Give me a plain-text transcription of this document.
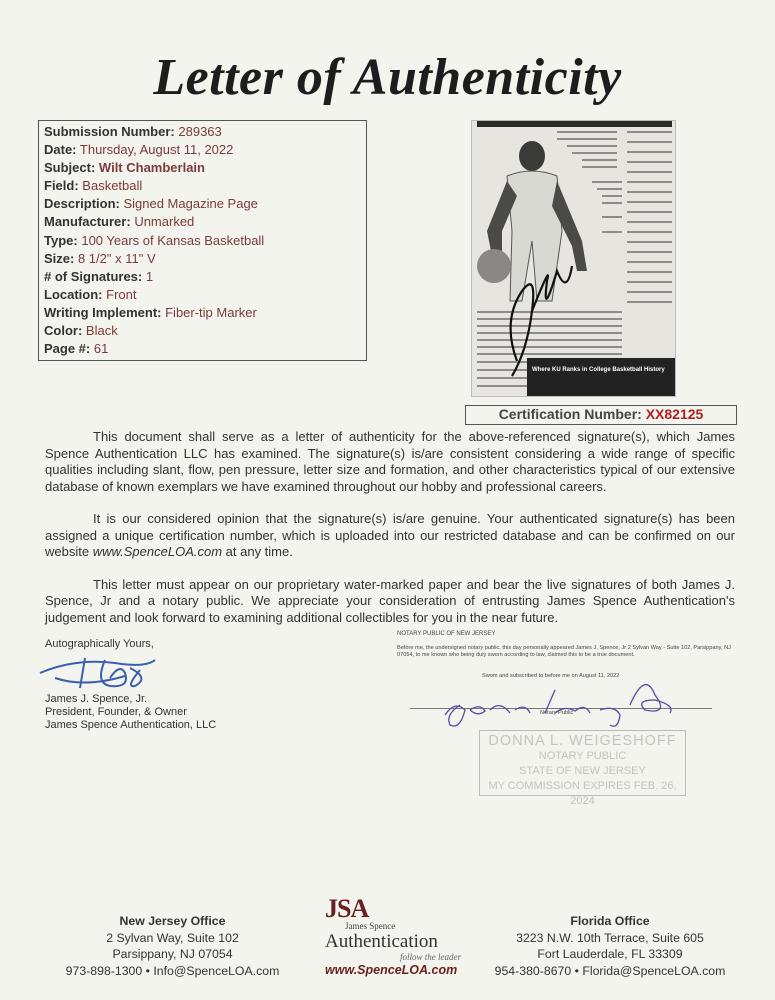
Letter of Authenticity
Submission Number: 289363
Date: Thursday, August 11, 2022
Subject: Wilt Chamberlain
Field: Basketball
Description: Signed Magazine Page
Manufacturer: Unmarked
Type: 100 Years of Kansas Basketball
Size: 8 1/2" x 11" V
# of Signatures: 1
Location: Front
Writing Implement: Fiber-tip Marker
Color: Black
Page #: 61
Where KU Ranks in College Basketball History
Certification Number: XX82125

This document shall serve as a letter of authenticity for the above-referenced signature(s), which James Spence Authentication LLC has examined. The signature(s) is/are consistent considering a wide range of specific qualities including slant, flow, pen pressure, letter size and formation, and other characteristics typical of our extensive database of known exemplars we have examined throughout our hobby and professional careers.

It is our considered opinion that the signature(s) is/are genuine. Your authenticated signature(s) has been assigned a unique certification number, which is uploaded into our restricted database and can be confirmed on our website www.SpenceLOA.com at any time.

This letter must appear on our proprietary water-marked paper and bear the live signatures of both James J. Spence, Jr and a notary public. We appreciate your consideration of entrusting James Spence Authentication's judgement and look forward to examining additional collectibles for you in the near future.

Autographically Yours,
James J. Spence, Jr.
President, Founder, & Owner
James Spence Authentication, LLC
NOTARY PUBLIC OF NEW JERSEY
Before me, the undersigned notary public, this day personally appeared James J. Spence, Jr 2 Sylvan Way - Suite 102, Parsippany, NJ 07054, to me known who being duly sworn according to law, claimed this to be a true document.
Swom and subscribed to before me on August 11, 2022
Notary Public
DONNA L. WEIGESHOFF
NOTARY PUBLIC
STATE OF NEW JERSEY
MY COMMISSION EXPIRES FEB. 26, 2024
New Jersey Office
2 Sylvan Way, Suite 102
Parsippany, NJ 07054
973-898-1300 • Info@SpenceLOA.com
JSA
James Spence
Authentication
follow the leader
www.SpenceLOA.com
Florida Office
3223 N.W. 10th Terrace, Suite 605
Fort Lauderdale, FL 33309
954-380-8670 • Florida@SpenceLOA.com
